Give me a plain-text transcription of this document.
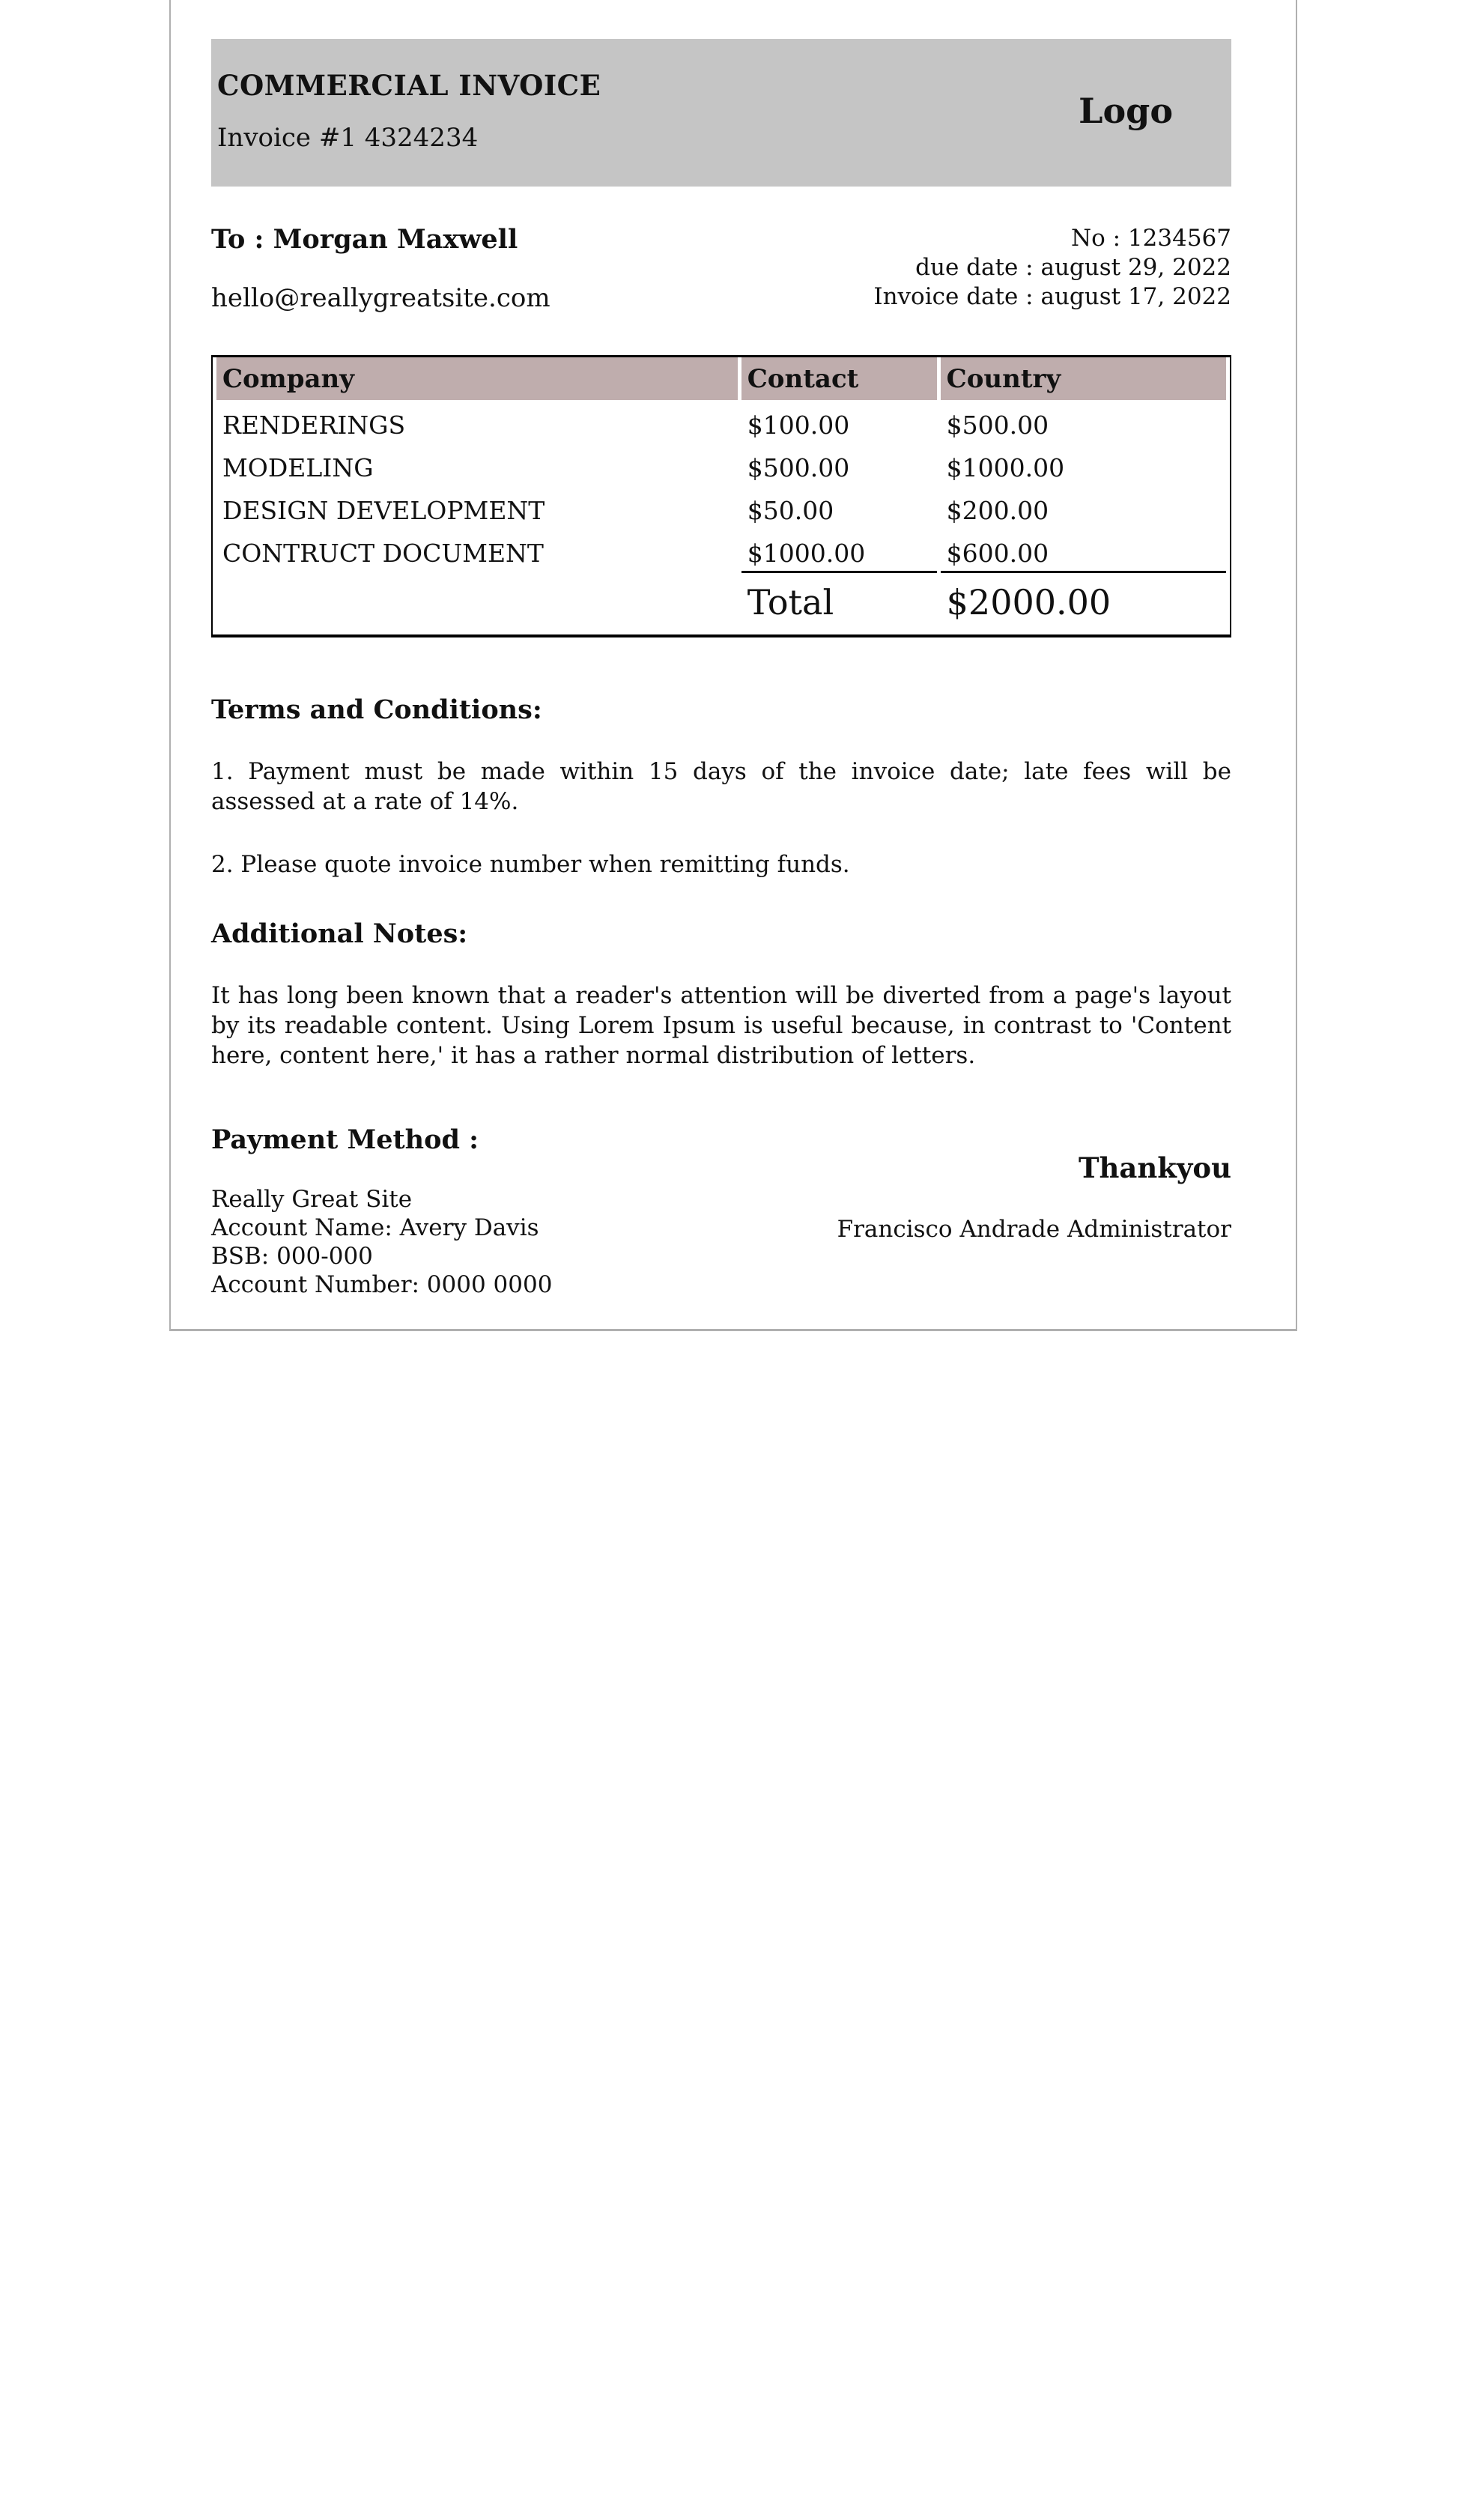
COMMERCIAL INVOICE
Invoice #1 4324234
Logo
To : Morgan Maxwell
hello@reallygreatsite.com
No : 1234567
due date : august 29, 2022
Invoice date : august 17, 2022
Company	Contact	Country
RENDERINGS	$100.00	$500.00
MODELING	$500.00	$1000.00
DESIGN DEVELOPMENT	$50.00	$200.00
CONTRUCT DOCUMENT	$1000.00	$600.00
	Total	$2000.00
Terms and Conditions:

1. Payment must be made within 15 days of the invoice date; late fees will be assessed at a rate of 14%.

2. Please quote invoice number when remitting funds.

Additional Notes:

It has long been known that a reader's attention will be diverted from a page's layout by its readable content. Using Lorem Ipsum is useful because, in contrast to 'Content here, content here,' it has a rather normal distribution of letters.

Payment Method :
Really Great Site
Account Name: Avery Davis
BSB: 000-000
Account Number: 0000 0000
Thankyou
Francisco Andrade Administrator
